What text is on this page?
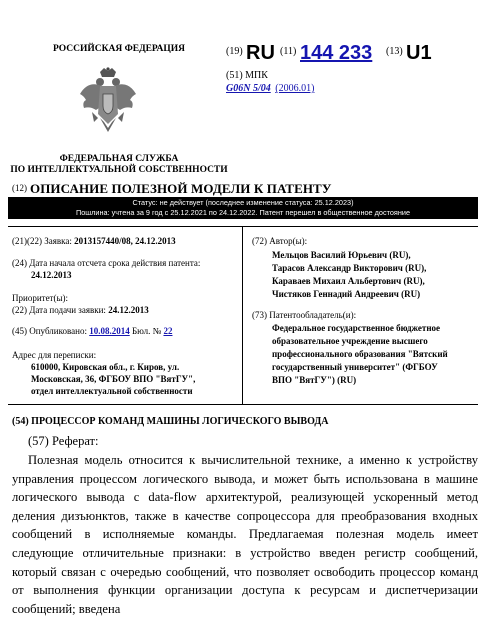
РОССИЙСКАЯ ФЕДЕРАЦИЯ
ФЕДЕРАЛЬНАЯ СЛУЖБА
ПО ИНТЕЛЛЕКТУАЛЬНОЙ СОБСТВЕННОСТИ
(19) RU (11) 144 233 (13) U1
(51) МПК
G06N 5/04 (2006.01)
(12) ОПИСАНИЕ ПОЛЕЗНОЙ МОДЕЛИ К ПАТЕНТУ
Статус: не действует (последнее изменение статуса: 25.12.2023)
Пошлина: учтена за 9 год с 25.12.2021 по 24.12.2022. Патент перешел в общественное достояние
(21)(22) Заявка: 2013157440/08, 24.12.2013
(24) Дата начала отсчета срока действия патента:
24.12.2013
Приоритет(ы):
(22) Дата подачи заявки: 24.12.2013
(45) Опубликовано: 10.08.2014 Бюл. № 22
Адрес для переписки:
610000, Кировская обл., г. Киров, ул.
Московская, 36, ФГБОУ ВПО "ВятГУ",
отдел интеллектуальной собственности
(72) Автор(ы):
Мельцов Василий Юрьевич (RU),
Тарасов Александр Викторович (RU),
Караваев Михаил Альбертович (RU),
Чистяков Геннадий Андреевич (RU)
(73) Патентообладатель(и):
Федеральное государственное бюджетное
образовательное учреждение высшего
профессионального образования "Вятский
государственный университет" (ФГБОУ
ВПО "ВятГУ") (RU)
(54) ПРОЦЕССОР КОМАНД МАШИНЫ ЛОГИЧЕСКОГО ВЫВОДА
(57) Реферат:
Полезная модель относится к вычислительной технике, а именно к устройству управления процессом логического вывода, и может быть использована в машине логического вывода с data-flow архитектурой, реализующей ускоренный метод деления дизъюнктов, также в качестве сопроцессора для преобразования входных сообщений в исполняемые команды. Предлагаемая полезная модель имеет следующие отличительные признаки: в устройство введен регистр сообщений, который связан с очередью сообщений, что позволяет освободить процессор команд от выполнения функции организации доступа к ресурсам и диспетчеризации сообщений; введена
